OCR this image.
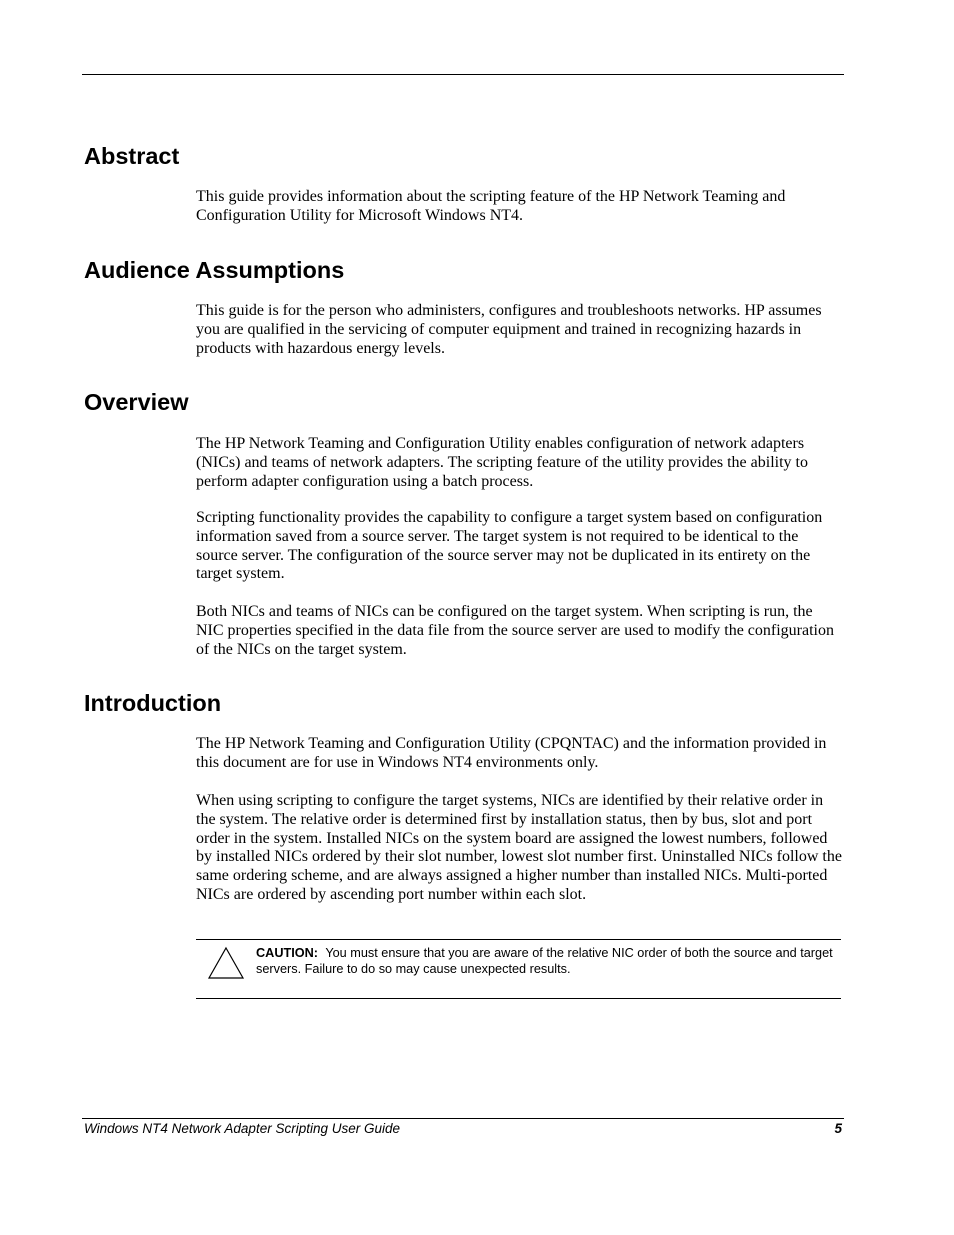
Abstract

This guide provides information about the scripting feature of the HP Network Teaming and Configuration Utility for Microsoft Windows NT4.

Audience Assumptions

This guide is for the person who administers, configures and troubleshoots networks. HP assumes you are qualified in the servicing of computer equipment and trained in recognizing hazards in products with hazardous energy levels.

Overview

The HP Network Teaming and Configuration Utility enables configuration of network adapters (NICs) and teams of network adapters. The scripting feature of the utility provides the ability to perform adapter configuration using a batch process.

Scripting functionality provides the capability to configure a target system based on configuration information saved from a source server. The target system is not required to be identical to the source server. The configuration of the source server may not be duplicated in its entirety on the target system.

Both NICs and teams of NICs can be configured on the target system. When scripting is run, the NIC properties specified in the data file from the source server are used to modify the configuration of the NICs on the target system.

Introduction

The HP Network Teaming and Configuration Utility (CPQNTAC) and the information provided in this document are for use in Windows NT4 environments only.

When using scripting to configure the target systems, NICs are identified by their relative order in the system. The relative order is determined first by installation status, then by bus, slot and port order in the system. Installed NICs on the system board are assigned the lowest numbers, followed by installed NICs ordered by their slot number, lowest slot number first. Uninstalled NICs follow the same ordering scheme, and are always assigned a higher number than installed NICs. Multi-ported NICs are ordered by ascending port number within each slot.

CAUTION: You must ensure that you are aware of the relative NIC order of both the source and target servers. Failure to do so may cause unexpected results.

Windows NT4 Network Adapter Scripting User Guide	5
